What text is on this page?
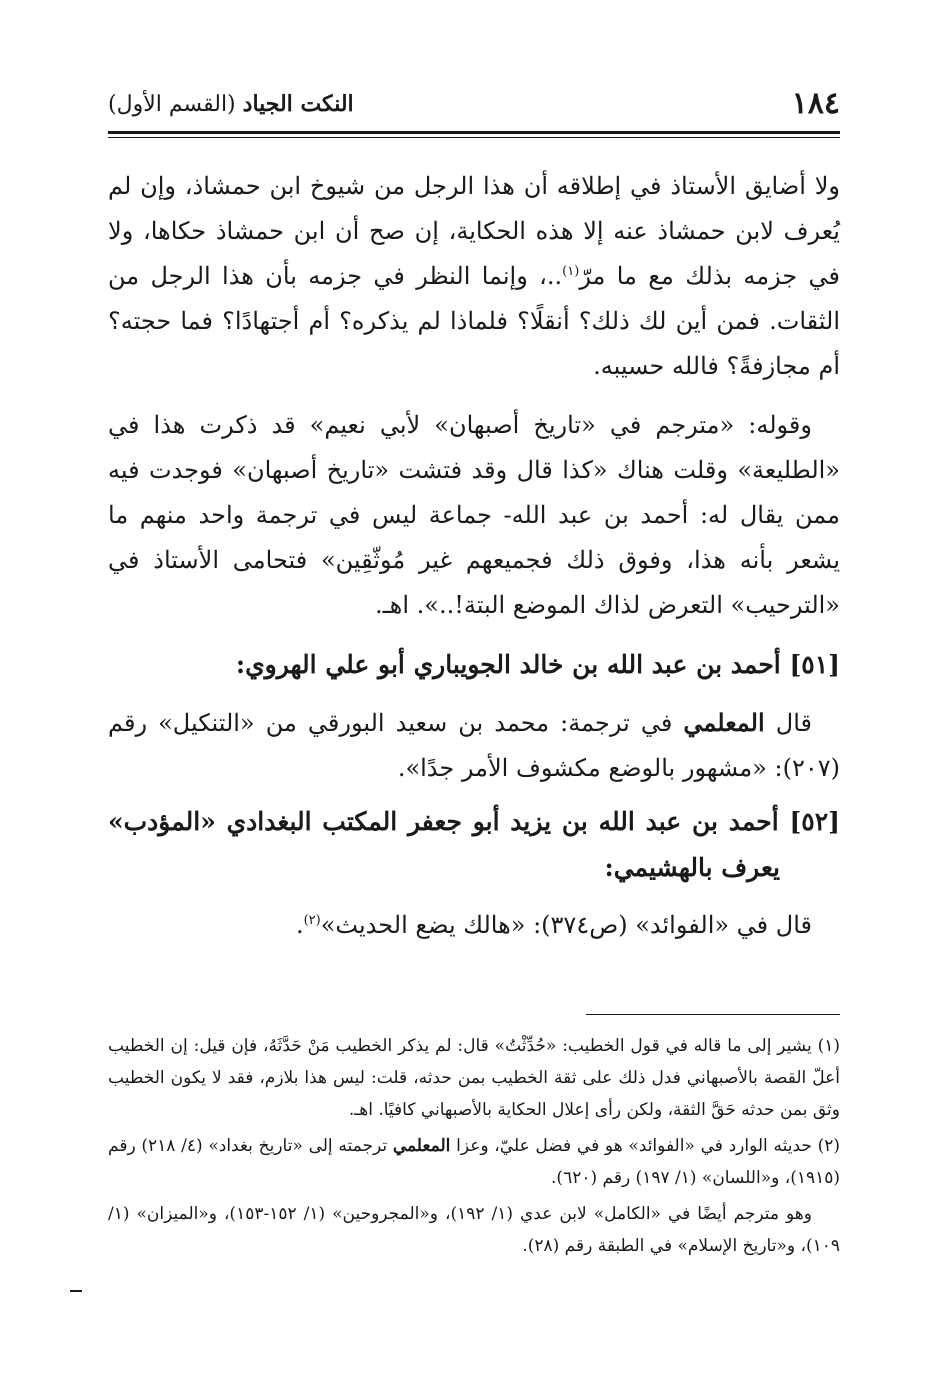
١٨٤
النكت الجياد (القسم الأول)

ولا أضايق الأستاذ في إطلاقه أن هذا الرجل من شيوخ ابن حمشاذ، وإن لم يُعرف لابن حمشاذ عنه إلا هذه الحكاية، إن صح أن ابن حمشاذ حكاها، ولا في جزمه بذلك مع ما مرّ$^{(١)}$..، وإنما النظر في جزمه بأن هذا الرجل من الثقات. فمن أين لك ذلك؟ أنقلًا؟ فلماذا لم يذكره؟ أم أجتهادًا؟ فما حجته؟ أم مجازفةً؟ فالله حسيبه.

وقوله: «مترجم في «تاريخ أصبهان» لأبي نعيم» قد ذكرت هذا في «الطليعة» وقلت هناك «كذا قال وقد فتشت «تاريخ أصبهان» فوجدت فيه ممن يقال له: أحمد بن عبد الله- جماعة ليس في ترجمة واحد منهم ما يشعر بأنه هذا، وفوق ذلك فجميعهم غير مُوثّقِين» فتحامى الأستاذ في «الترحيب» التعرض لذاك الموضع البتة!..». اهـ.

[٥١] أحمد بن عبد الله بن خالد الجويباري أبو علي الهروي:

قال المعلمي في ترجمة: محمد بن سعيد البورقي من «التنكيل» رقم (٢٠٧): «مشهور بالوضع مكشوف الأمر جدًا».

[٥٢] أحمد بن عبد الله بن يزيد أبو جعفر المكتب البغدادي «المؤدب» يعرف بالهشيمي:

قال في «الفوائد» (ص٣٧٤): «هالك يضع الحديث»$^{(٢)}$.

(١) يشير إلى ما قاله في قول الخطيب: «حُدِّثْتُ» قال: لم يذكر الخطيب مَنْ حَدَّثَهُ، فإن قيل: إن الخطيب أعلّ القصة بالأصبهاني فدل ذلك على ثقة الخطيب بمن حدثه، قلت: ليس هذا بلازم، فقد لا يكون الخطيب وثق بمن حدثه حَقَّ الثقة، ولكن رأى إعلال الحكاية بالأصبهاني كافيًا. اهـ.

(٢) حديثه الوارد في «الفوائد» هو في فضل عليّ، وعزا المعلمي ترجمته إلى «تاريخ بغداد» (٤/ ٢١٨) رقم (١٩١٥)، و«اللسان» (١/ ١٩٧) رقم (٦٢٠).

وهو مترجم أيضًا في «الكامل» لابن عدي (١/ ١٩٢)، و«المجروحين» (١/ ١٥٢-١٥٣)، و«الميزان» (١/ ١٠٩)، و«تاريخ الإسلام» في الطبقة رقم (٢٨).
